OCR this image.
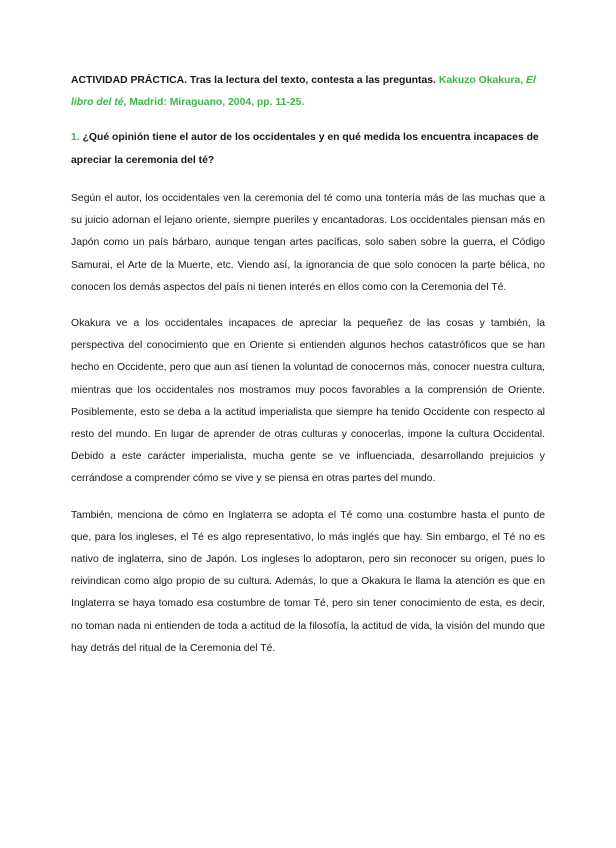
ACTIVIDAD PRÁCTICA. Tras la lectura del texto, contesta a las preguntas. Kakuzo Okakura, El libro del té, Madrid: Miraguano, 2004, pp. 11-25.

1. ¿Qué opinión tiene el autor de los occidentales y en qué medida los encuentra incapaces de apreciar la ceremonia del té?

Según el autor, los occidentales ven la ceremonia del té como una tontería más de las muchas que a su juicio adornan el lejano oriente, siempre pueriles y encantadoras. Los occidentales piensan más en Japón como un país bárbaro, aunque tengan artes pacíficas, solo saben sobre la guerra, el Código Samurai, el Arte de la Muerte, etc. Viendo así, la ignorancia de que solo conocen la parte bélica, no conocen los demás aspectos del país ni tienen interés en ellos como con la Ceremonia del Té.

Okakura ve a los occidentales incapaces de apreciar la pequeñez de las cosas y también, la perspectiva del conocimiento que en Oriente si entienden algunos hechos catastróficos que se han hecho en Occidente, pero que aun así tienen la voluntad de conocernos más, conocer nuestra cultura, mientras que los occidentales nos mostramos muy pocos favorables a la comprensión de Oriente. Posiblemente, esto se deba a la actitud imperialista que siempre ha tenido Occidente con respecto al resto del mundo. En lugar de aprender de otras culturas y conocerlas, impone la cultura Occidental. Debido a este carácter imperialista, mucha gente se ve influenciada, desarrollando prejuicios y cerrándose a comprender cómo se vive y se piensa en otras partes del mundo.

También, menciona de cómo en Inglaterra se adopta el Té como una costumbre hasta el punto de que, para los ingleses, el Té es algo representativo, lo más inglés que hay. Sin embargo, el Té no es nativo de inglaterra, sino de Japón. Los ingleses lo adoptaron, pero sin reconocer su origen, pues lo reivindican como algo propio de su cultura. Además, lo que a Okakura le llama la atención es que en Inglaterra se haya tomado esa costumbre de tomar Té, pero sin tener conocimiento de esta, es decir, no toman nada ni entienden de toda a actitud de la filosofía, la actitud de vida, la visión del mundo que hay detrás del ritual de la Ceremonia del Té.
